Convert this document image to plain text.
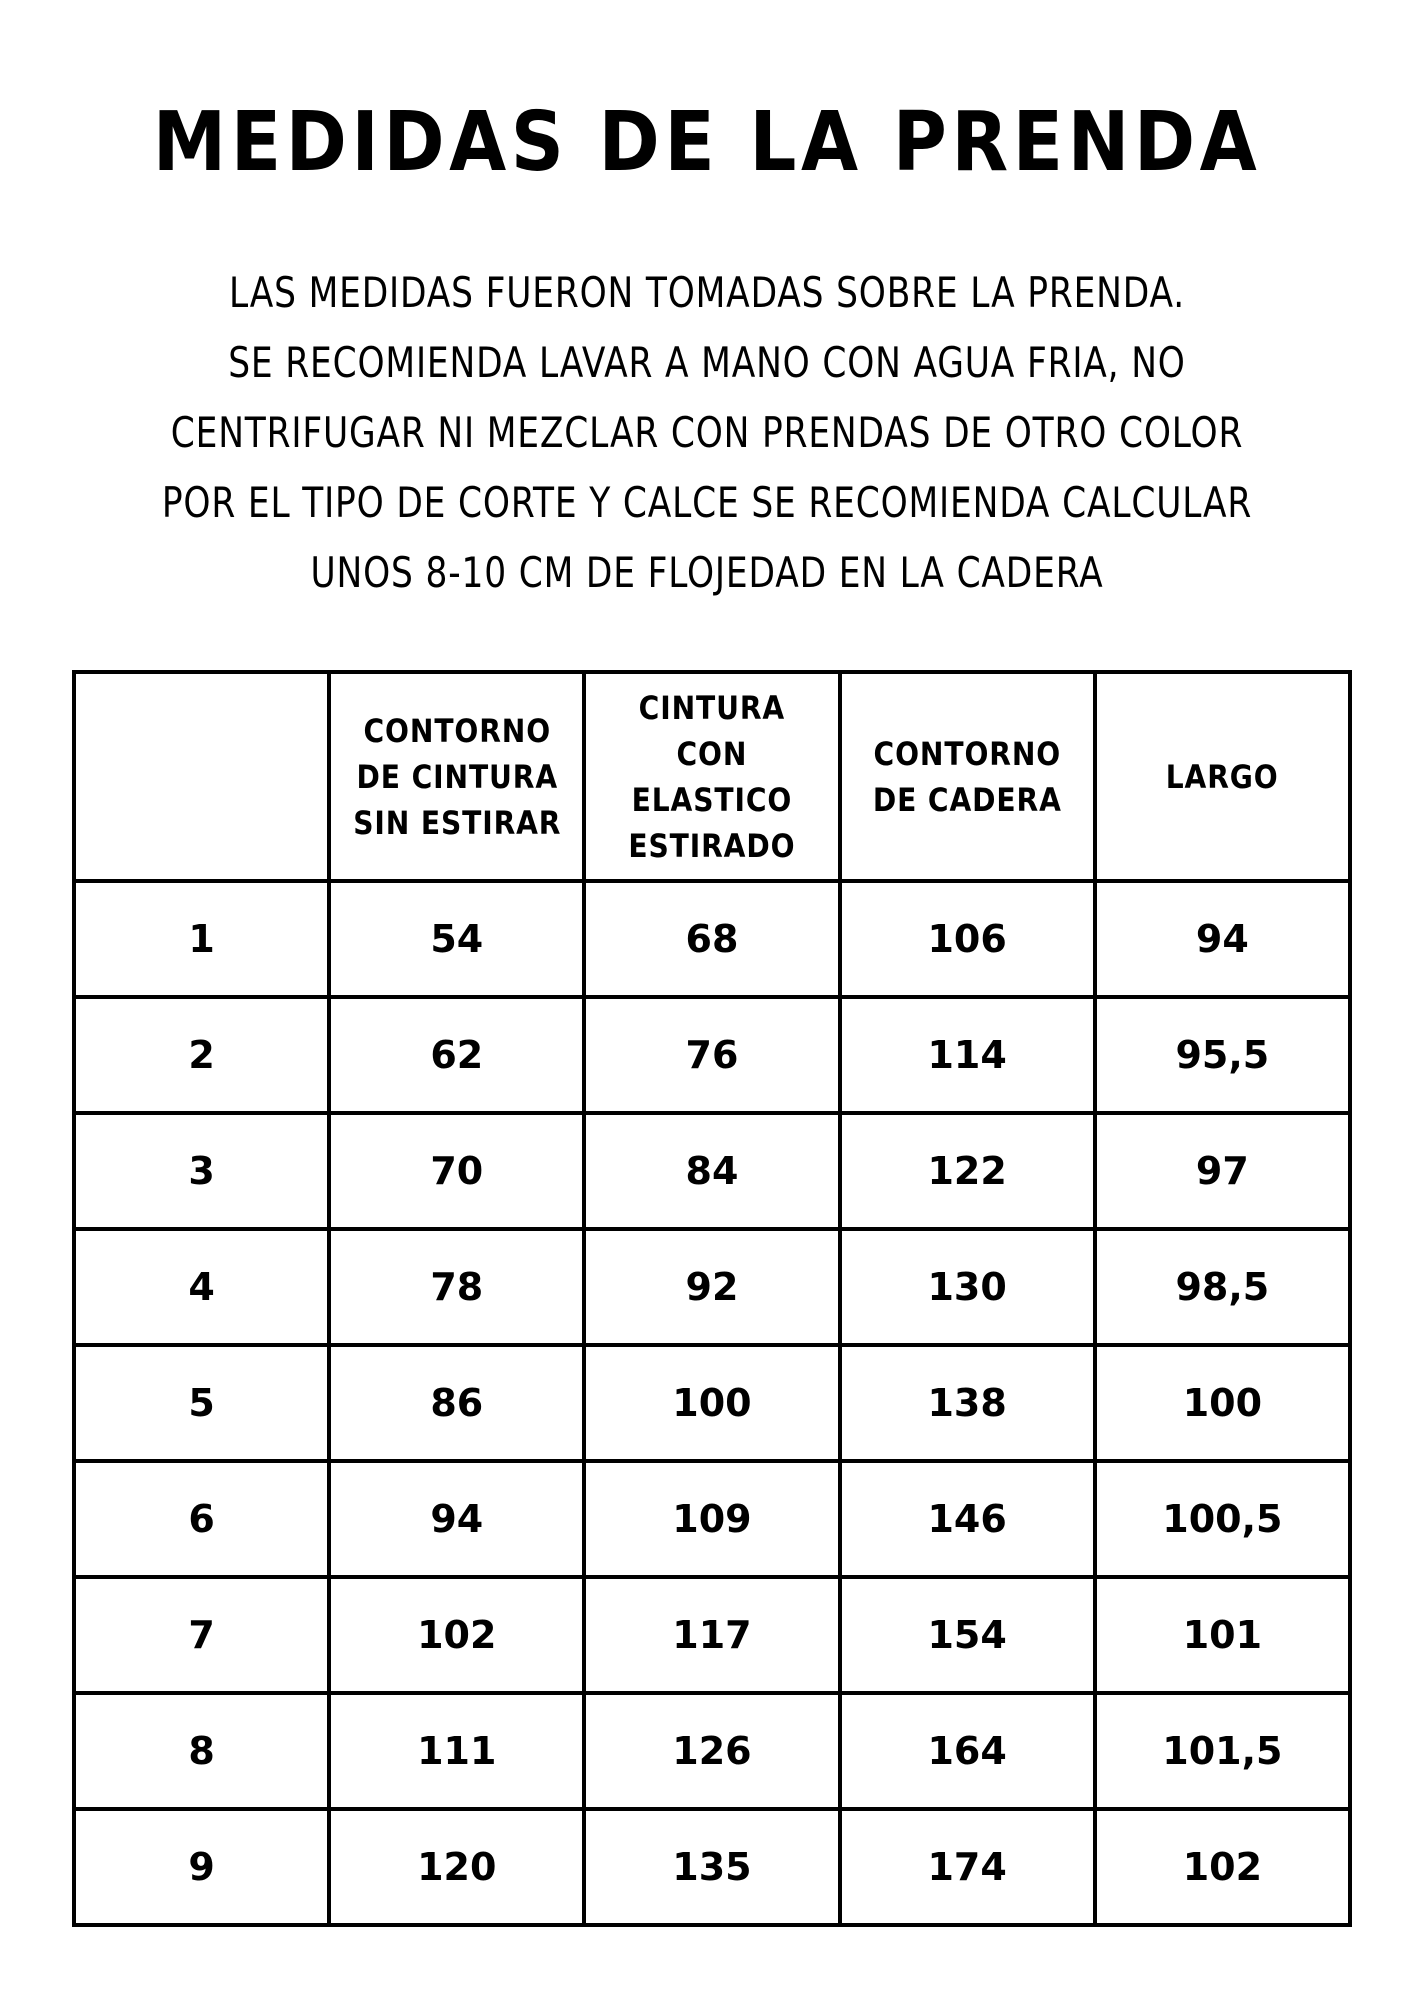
MEDIDAS DE LA PRENDA
LAS MEDIDAS FUERON TOMADAS SOBRE LA PRENDA.
SE RECOMIENDA LAVAR A MANO CON AGUA FRIA, NO
CENTRIFUGAR NI MEZCLAR CON PRENDAS DE OTRO COLOR
POR EL TIPO DE CORTE Y CALCE SE RECOMIENDA CALCULAR
UNOS 8-10 CM DE FLOJEDAD EN LA CADERA
	CONTORNO
DE CINTURA
SIN ESTIRAR	CINTURA
CON
ELASTICO
ESTIRADO	CONTORNO
DE CADERA	LARGO
1	54	68	106	94
2	62	76	114	95,5
3	70	84	122	97
4	78	92	130	98,5
5	86	100	138	100
6	94	109	146	100,5
7	102	117	154	101
8	111	126	164	101,5
9	120	135	174	102
